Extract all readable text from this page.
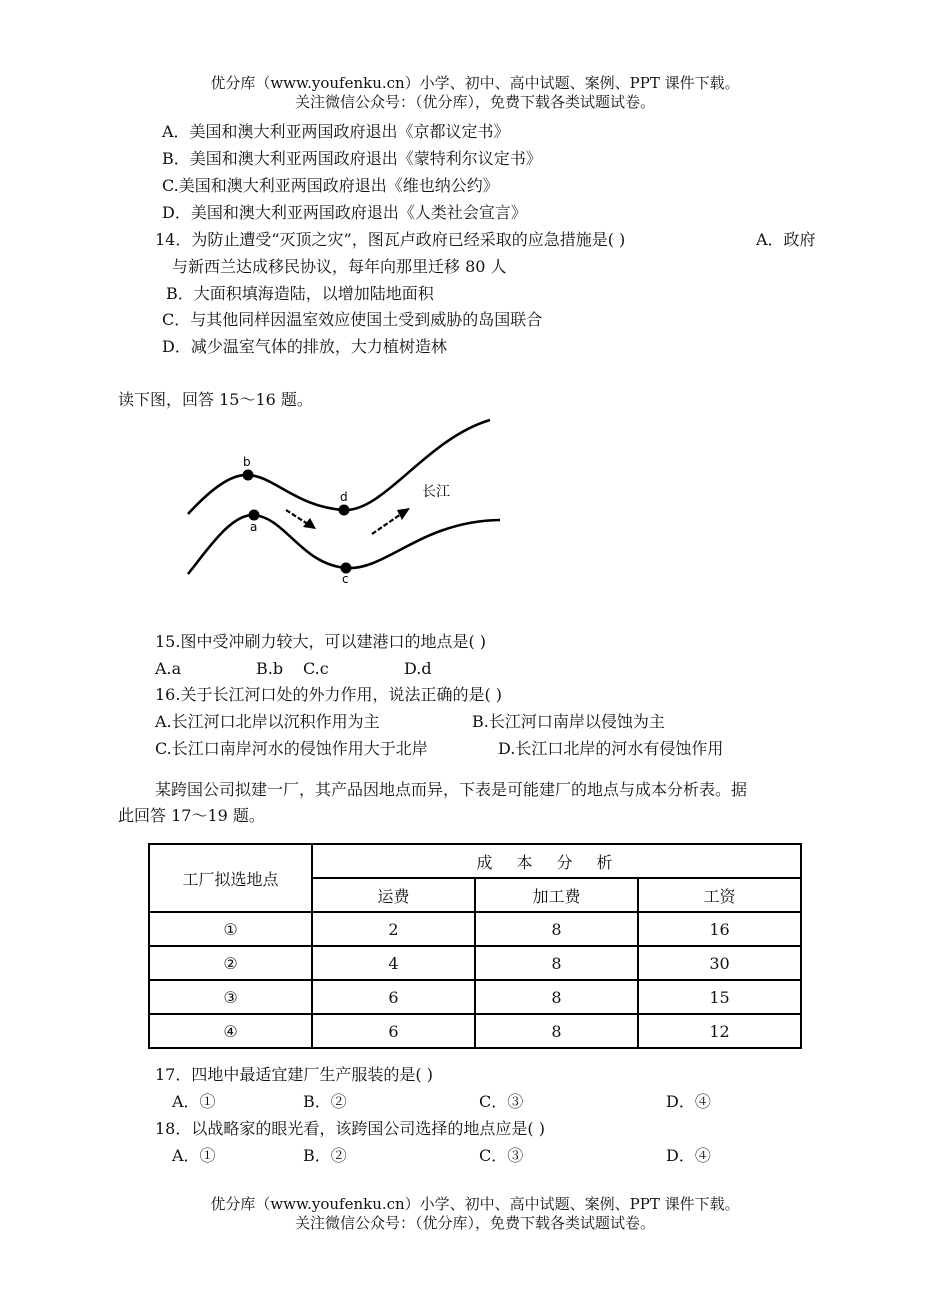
优分库（www.youfenku.cn）小学、初中、高中试题、案例、PPT 课件下载。
关注微信公众号：（优分库），免费下载各类试题试卷。
A．美国和澳大利亚两国政府退出《京都议定书》
B．美国和澳大利亚两国政府退出《蒙特利尔议定书》
C.美国和澳大利亚两国政府退出《维也纳公约》
D．美国和澳大利亚两国政府退出《人类社会宣言》
14．为防止遭受“灭顶之灾”，图瓦卢政府已经采取的应急措施是( )	A．政府
与新西兰达成移民协议，每年向那里迁移 80 人
B．大面积填海造陆，以增加陆地面积
C．与其他同样因温室效应使国土受到威胁的岛国联合
D．减少温室气体的排放，大力植树造林
读下图，回答 15～16 题。
b
a
d
c
长江
15.图中受冲刷力较大，可以建港口的地点是( )
A.a	B.b C.c	D.d
16.关于长江河口处的外力作用，说法正确的是( )
A.长江河口北岸以沉积作用为主	B.长江河口南岸以侵蚀为主
C.长江口南岸河水的侵蚀作用大于北岸	D.长江口北岸的河水有侵蚀作用
某跨国公司拟建一厂，其产品因地点而异，下表是可能建厂的地点与成本分析表。据
此回答 17～19 题。
工厂拟选地点	成本分析		
	运费	加工费	工资
①	2	8	16
②	4	8	30
③	6	8	15
④	6	8	12
17．四地中最适宜建厂生产服装的是( )
A．①	B．②	C．③	D．④
18．以战略家的眼光看，该跨国公司选择的地点应是( )
A．①	B．②	C．③	D．④
优分库（www.youfenku.cn）小学、初中、高中试题、案例、PPT 课件下载。
关注微信公众号：（优分库），免费下载各类试题试卷。
